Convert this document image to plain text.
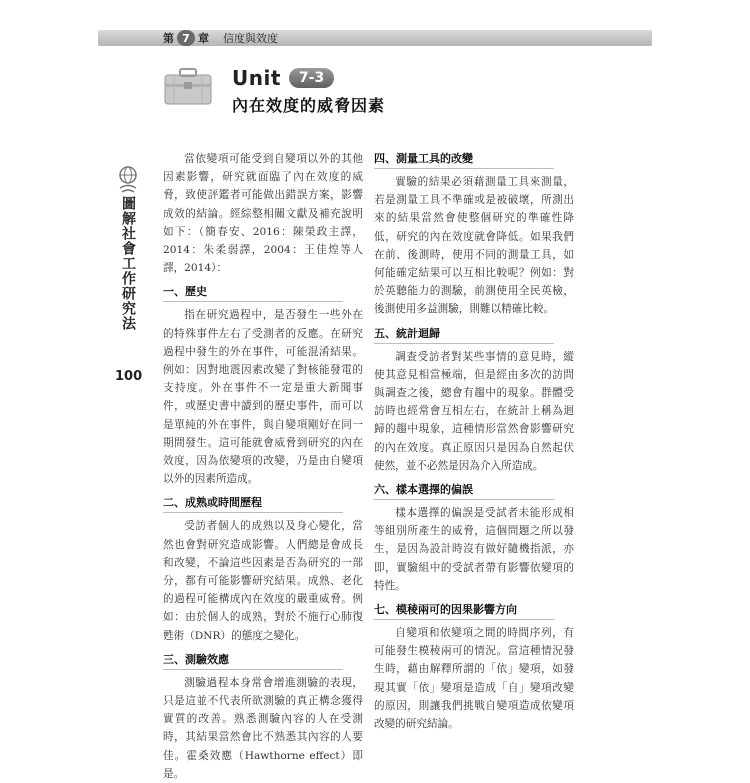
第 7 章 信度與效度
Unit	7-3
內在效度的威脅因素
圖解社會工作研究法
100

當依變項可能受到自變項以外的其他因素影響，研究就面臨了內在效度的威脅，致使評鑑者可能做出錯誤方案，影響成效的結論。經綜整相關文獻及補充說明如下：（簡春安、2016：陳榮政主譯，2014：朱柔弱譯，2004：王佳煌等人譯，2014）：

一、歷史

指在研究過程中，是否發生一些外在的特殊事件左右了受測者的反應。在研究過程中發生的外在事件，可能混淆結果。例如：因對地震因素改變了對核能發電的支持度。外在事件不一定是重大新聞事件，或歷史書中讀到的歷史事件，而可以是單純的外在事件，與自變項剛好在同一期間發生。這可能就會威脅到研究的內在效度，因為依變項的改變，乃是由自變項以外的因素所造成。

二、成熟或時間歷程

受訪者個人的成熟以及身心變化，當然也會對研究造成影響。人們總是會成長和改變，不論這些因素是否為研究的一部分，都有可能影響研究結果。成熟、老化的過程可能構成內在效度的嚴重威脅。例如：由於個人的成熟，對於不施行心肺復甦術（DNR）的態度之變化。

三、測驗效應

測驗過程本身常會增進測驗的表現，只是這並不代表所欲測驗的真正構念獲得實質的改善。熟悉測驗內容的人在受測時，其結果當然會比不熟悉其內容的人要佳。霍桑效應（Hawthorne effect）即是。

四、測量工具的改變

實驗的結果必須藉測量工具來測量，若是測量工具不準確或是被破壞，所測出來的結果當然會使整個研究的準確性降低，研究的內在效度就會降低。如果我們在前、後測時，使用不同的測量工具，如何能確定結果可以互相比較呢？例如：對於英聽能力的測驗，前測使用全民英檢，後測使用多益測驗，則難以精確比較。

五、統計迴歸

調查受訪者對某些事情的意見時，縱使其意見相當極端，但是經由多次的訪問與調查之後，總會有趨中的現象。群體受訪時也經常會互相左右，在統計上稱為迴歸的趨中現象，這種情形當然會影響研究的內在效度。真正原因只是因為自然起伏使然，並不必然是因為介入所造成。

六、樣本選擇的偏誤

樣本選擇的偏誤是受試者未能形成相等組別所產生的威脅，這個問題之所以發生，是因為設計時沒有做好隨機指派，亦即，實驗組中的受試者帶有影響依變項的特性。

七、模稜兩可的因果影響方向

自變項和依變項之間的時間序列，有可能發生模稜兩可的情況。當這種情況發生時，藉由解釋所謂的「依」變項，如發現其實「依」變項是造成「自」變項改變的原因，則讓我們挑戰自變項造成依變項改變的研究結論。
